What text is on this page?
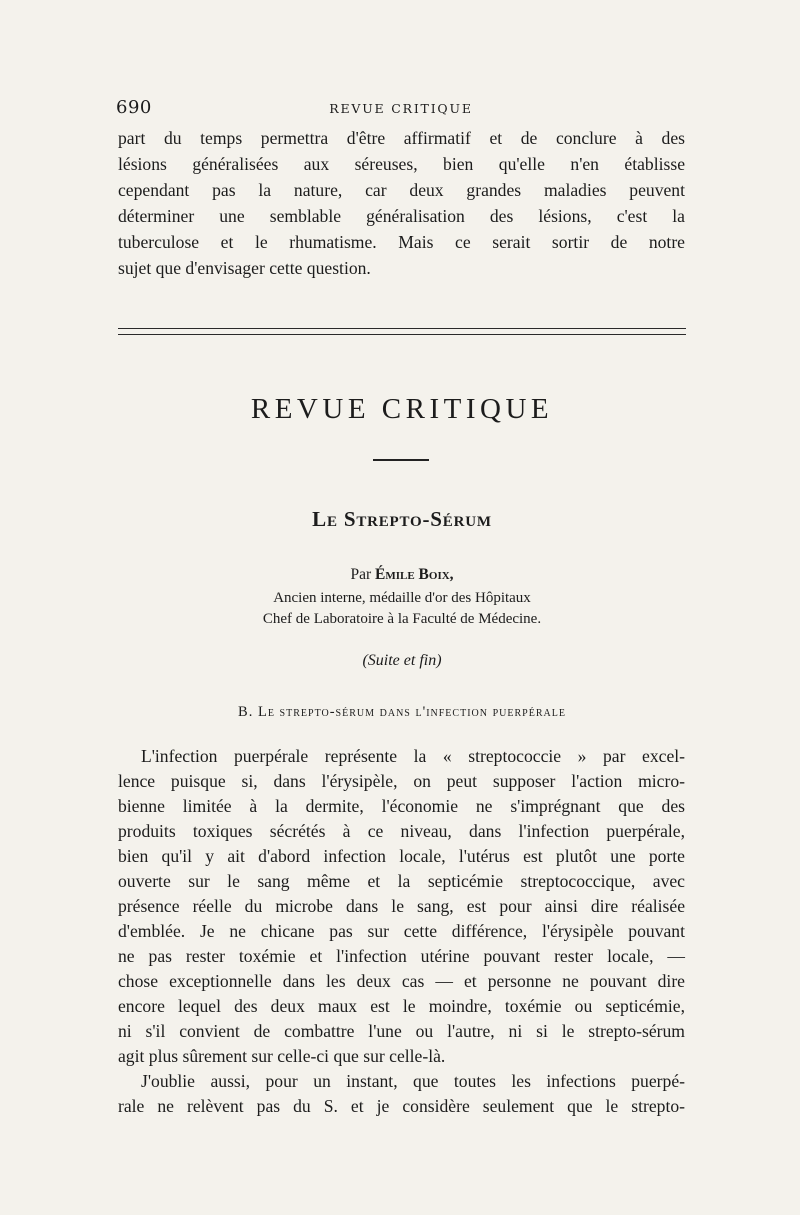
690	REVUE CRITIQUE
part du temps permettra d'être affirmatif et de conclure à des
lésions généralisées aux séreuses, bien qu'elle n'en établisse
cependant pas la nature, car deux grandes maladies peuvent
déterminer une semblable généralisation des lésions, c'est la
tuberculose et le rhumatisme. Mais ce serait sortir de notre
sujet que d'envisager cette question.
REVUE CRITIQUE
Le Strepto-Sérum
Par Émile Boix,
Ancien interne, médaille d'or des Hôpitaux
Chef de Laboratoire à la Faculté de Médecine.
(Suite et fin)
B. Le strepto-sérum dans l'infection puerpérale
L'infection puerpérale représente la « streptococcie » par excel-
lence puisque si, dans l'érysipèle, on peut supposer l'action micro-
bienne limitée à la dermite, l'économie ne s'imprégnant que des
produits toxiques sécrétés à ce niveau, dans l'infection puerpérale,
bien qu'il y ait d'abord infection locale, l'utérus est plutôt une porte
ouverte sur le sang même et la septicémie streptococcique, avec
présence réelle du microbe dans le sang, est pour ainsi dire réalisée
d'emblée. Je ne chicane pas sur cette différence, l'érysipèle pouvant
ne pas rester toxémie et l'infection utérine pouvant rester locale, —
chose exceptionnelle dans les deux cas — et personne ne pouvant dire
encore lequel des deux maux est le moindre, toxémie ou septicémie,
ni s'il convient de combattre l'une ou l'autre, ni si le strepto-sérum
agit plus sûrement sur celle-ci que sur celle-là.
J'oublie aussi, pour un instant, que toutes les infections puerpé-
rale ne relèvent pas du S. et je considère seulement que le strepto-
